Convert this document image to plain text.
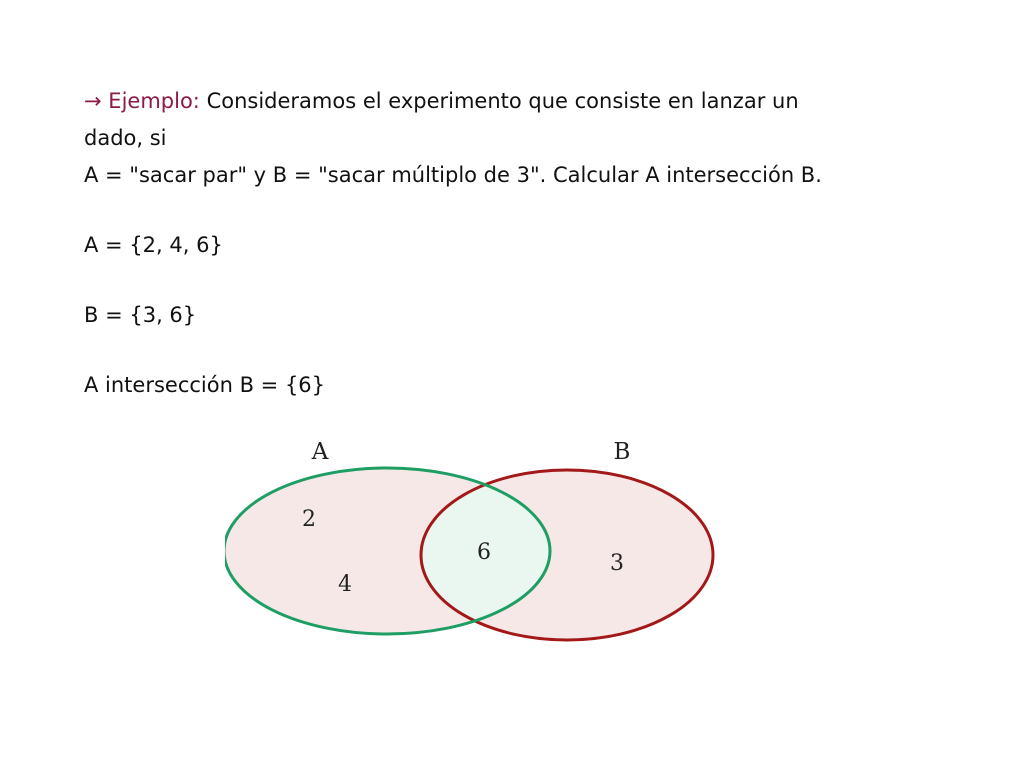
→ Ejemplo: Consideramos el experimento que consiste en lanzar un
dado, si
A = "sacar par" y B = "sacar múltiplo de 3". Calcular A intersección B.
A = {2, 4, 6}
B = {3, 6}
A intersección B = {6}
A	B
2
4
6	3
